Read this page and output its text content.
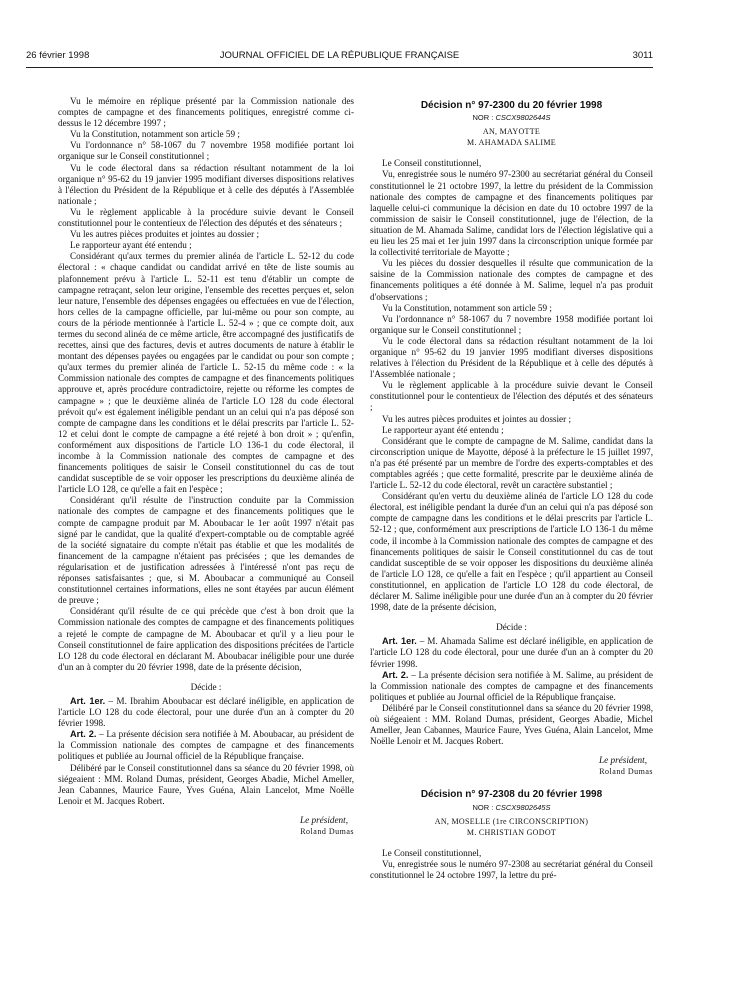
26 février 1998	JOURNAL OFFICIEL DE LA RÉPUBLIQUE FRANÇAISE	3011

Vu le mémoire en réplique présenté par la Commission nationale des comptes de campagne et des financements politiques, enregistré comme ci-dessus le 12 décembre 1997 ;

Vu la Constitution, notamment son article 59 ;

Vu l'ordonnance n° 58-1067 du 7 novembre 1958 modifiée portant loi organique sur le Conseil constitutionnel ;

Vu le code électoral dans sa rédaction résultant notamment de la loi organique n° 95-62 du 19 janvier 1995 modifiant diverses dispositions relatives à l'élection du Président de la République et à celle des députés à l'Assemblée nationale ;

Vu le règlement applicable à la procédure suivie devant le Conseil constitutionnel pour le contentieux de l'élection des députés et des sénateurs ;

Vu les autres pièces produites et jointes au dossier ;

Le rapporteur ayant été entendu ;

Considérant qu'aux termes du premier alinéa de l'article L. 52-12 du code électoral : « chaque candidat ou candidat arrivé en tête de liste soumis au plafonnement prévu à l'article L. 52-11 est tenu d'établir un compte de campagne retraçant, selon leur origine, l'ensemble des recettes perçues et, selon leur nature, l'ensemble des dépenses engagées ou effectuées en vue de l'élection, hors celles de la campagne officielle, par lui-même ou pour son compte, au cours de la période mentionnée à l'article L. 52-4 » ; que ce compte doit, aux termes du second alinéa de ce même article, être accompagné des justificatifs de recettes, ainsi que des factures, devis et autres documents de nature à établir le montant des dépenses payées ou engagées par le candidat ou pour son compte ; qu'aux termes du premier alinéa de l'article L. 52-15 du même code : « la Commission nationale des comptes de campagne et des financements politiques approuve et, après procédure contradictoire, rejette ou réforme les comptes de campagne » ; que le deuxième alinéa de l'article LO 128 du code électoral prévoit qu'« est également inéligible pendant un an celui qui n'a pas déposé son compte de campagne dans les conditions et le délai prescrits par l'article L. 52-12 et celui dont le compte de campagne a été rejeté à bon droit » ; qu'enfin, conformément aux dispositions de l'article LO 136-1 du code électoral, il incombe à la Commission nationale des comptes de campagne et des financements politiques de saisir le Conseil constitutionnel du cas de tout candidat susceptible de se voir opposer les prescriptions du deuxième alinéa de l'article LO 128, ce qu'elle a fait en l'espèce ;

Considérant qu'il résulte de l'instruction conduite par la Commission nationale des comptes de campagne et des financements politiques que le compte de campagne produit par M. Aboubacar le 1er août 1997 n'était pas signé par le candidat, que la qualité d'expert-comptable ou de comptable agréé de la société signataire du compte n'était pas établie et que les modalités de financement de la campagne n'étaient pas précisées ; que les demandes de régularisation et de justification adressées à l'intéressé n'ont pas reçu de réponses satisfaisantes ; que, si M. Aboubacar a communiqué au Conseil constitutionnel certaines informations, elles ne sont étayées par aucun élément de preuve ;

Considérant qu'il résulte de ce qui précède que c'est à bon droit que la Commission nationale des comptes de campagne et des financements politiques a rejeté le compte de campagne de M. Aboubacar et qu'il y a lieu pour le Conseil constitutionnel de faire application des dispositions précitées de l'article LO 128 du code électoral en déclarant M. Aboubacar inéligible pour une durée d'un an à compter du 20 février 1998, date de la présente décision,

Décide :

Art. 1er. – M. Ibrahim Aboubacar est déclaré inéligible, en application de l'article LO 128 du code électoral, pour une durée d'un an à compter du 20 février 1998.

Art. 2. – La présente décision sera notifiée à M. Aboubacar, au président de la Commission nationale des comptes de campagne et des financements politiques et publiée au Journal officiel de la République française.

Délibéré par le Conseil constitutionnel dans sa séance du 20 février 1998, où siégeaient : MM. Roland Dumas, président, Georges Abadie, Michel Ameller, Jean Cabannes, Maurice Faure, Yves Guéna, Alain Lancelot, Mme Noëlle Lenoir et M. Jacques Robert.

Le président,

Roland Dumas

Décision n° 97-2300 du 20 février 1998

NOR : CSCX9802644S

AN, MAYOTTE

M. AHAMADA SALIME

Le Conseil constitutionnel,

Vu, enregistrée sous le numéro 97-2300 au secrétariat général du Conseil constitutionnel le 21 octobre 1997, la lettre du président de la Commission nationale des comptes de campagne et des financements politiques par laquelle celui-ci communique la décision en date du 10 octobre 1997 de la commission de saisir le Conseil constitutionnel, juge de l'élection, de la situation de M. Ahamada Salime, candidat lors de l'élection législative qui a eu lieu les 25 mai et 1er juin 1997 dans la circonscription unique formée par la collectivité territoriale de Mayotte ;

Vu les pièces du dossier desquelles il résulte que communication de la saisine de la Commission nationale des comptes de campagne et des financements politiques a été donnée à M. Salime, lequel n'a pas produit d'observations ;

Vu la Constitution, notamment son article 59 ;

Vu l'ordonnance n° 58-1067 du 7 novembre 1958 modifiée portant loi organique sur le Conseil constitutionnel ;

Vu le code électoral dans sa rédaction résultant notamment de la loi organique n° 95-62 du 19 janvier 1995 modifiant diverses dispositions relatives à l'élection du Président de la République et à celle des députés à l'Assemblée nationale ;

Vu le règlement applicable à la procédure suivie devant le Conseil constitutionnel pour le contentieux de l'élection des députés et des sénateurs ;

Vu les autres pièces produites et jointes au dossier ;

Le rapporteur ayant été entendu ;

Considérant que le compte de campagne de M. Salime, candidat dans la circonscription unique de Mayotte, déposé à la préfecture le 15 juillet 1997, n'a pas été présenté par un membre de l'ordre des experts-comptables et des comptables agréés ; que cette formalité, prescrite par le deuxième alinéa de l'article L. 52-12 du code électoral, revêt un caractère substantiel ;

Considérant qu'en vertu du deuxième alinéa de l'article LO 128 du code électoral, est inéligible pendant la durée d'un an celui qui n'a pas déposé son compte de campagne dans les conditions et le délai prescrits par l'article L. 52-12 ; que, conformément aux prescriptions de l'article LO 136-1 du même code, il incombe à la Commission nationale des comptes de campagne et des financements politiques de saisir le Conseil constitutionnel du cas de tout candidat susceptible de se voir opposer les dispositions du deuxième alinéa de l'article LO 128, ce qu'elle a fait en l'espèce ; qu'il appartient au Conseil constitutionnel, en application de l'article LO 128 du code électoral, de déclarer M. Salime inéligible pour une durée d'un an à compter du 20 février 1998, date de la présente décision,

Décide :

Art. 1er. – M. Ahamada Salime est déclaré inéligible, en application de l'article LO 128 du code électoral, pour une durée d'un an à compter du 20 février 1998.

Art. 2. – La présente décision sera notifiée à M. Salime, au président de la Commission nationale des comptes de campagne et des financements politiques et publiée au Journal officiel de la République française.

Délibéré par le Conseil constitutionnel dans sa séance du 20 février 1998, où siégeaient : MM. Roland Dumas, président, Georges Abadie, Michel Ameller, Jean Cabannes, Maurice Faure, Yves Guéna, Alain Lancelot, Mme Noëlle Lenoir et M. Jacques Robert.

Le président,

Roland Dumas

Décision n° 97-2308 du 20 février 1998

NOR : CSCX9802645S

AN, MOSELLE (1re CIRCONSCRIPTION)

M. CHRISTIAN GODOT

Le Conseil constitutionnel,

Vu, enregistrée sous le numéro 97-2308 au secrétariat général du Conseil constitutionnel le 24 octobre 1997, la lettre du pré-
